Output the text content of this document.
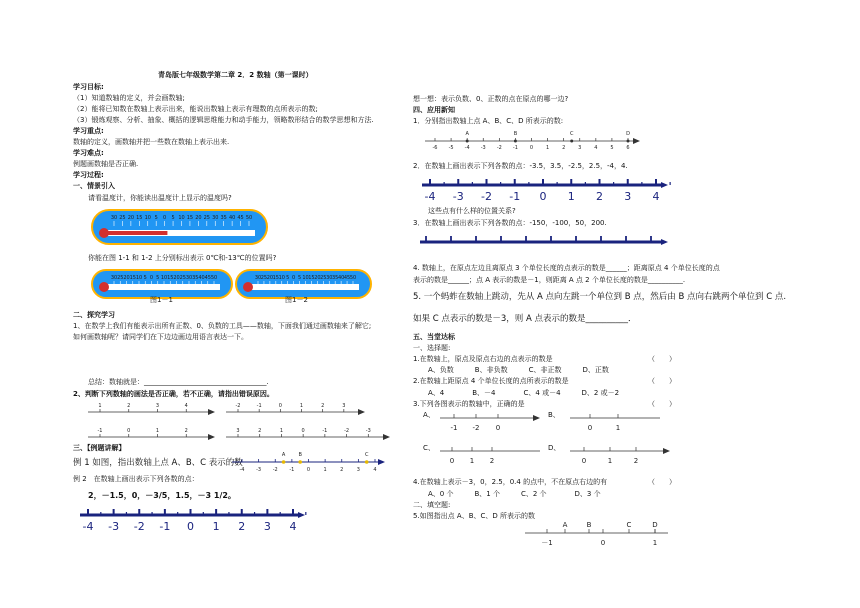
青岛版七年级数学第二章 2．2 数轴（第一课时）
学习目标:
（1）知道数轴的定义，并会画数轴;
（2）能将已知数在数轴上表示出来，能说出数轴上表示有理数的点所表示的数;
（3）锻炼观察、分析、抽象、概括的逻辑思维能力和动手能力，领略数形结合的数学思想和方法.
学习重点:
数轴的定义，画数轴并把一些数在数轴上表示出来.
学习难点:
例题画数轴是否正确.
学习过程:
一、情景引入
请看温度计，你能读出温度计上显示的温度吗?
你能在图 1-1 和 1-2 上分别标出表示 0℃和-13℃的位置吗?
二、探究学习
1、在数学上我们有能表示出所有正数、0、负数的工具——数轴，下面我们通过画数轴来了解它;
如何画数轴呢？请同学们在下边边画边用语言表达一下。
总结：数轴就是：___________________________________.
2、判断下列数轴的画法是否正确，若不正确，请指出错误原因。
三、【例题讲解】
例 1 如图，指出数轴上点 A、B、C 表示的数
例 2　在数轴上画出表示下列各数的点：
2，－1.5，0，－3/5，1.5，－3 1/2。
想一想：表示负数、0、正数的点在原点的哪一边?
四、应用新知
1．分别指出数轴上点 A、B、C、D 所表示的数:
2．在数轴上画出表示下列各数的点：-3.5，3.5，-2.5，2.5，-4，4.
这些点有什么样的位置关系?
3．在数轴上画出表示下列各数的点：-150，-100，50，200.
4. 数轴上，在原点左边且离原点 3 个单位长度的点表示的数是______；距离原点 4 个单位长度的点
表示的数是______；点 A 表示的数是－1，则距离 A 点 2 个单位长度的数是__________.
5. 一个蚂蚱在数轴上跳动，先从 A 点向左跳一个单位到 B 点，然后由 B 点向右跳两个单位到 C 点.
如果 C 点表示的数是－3，则 A 点表示的数是__________．
五、当堂达标
一、选择题:
1.在数轴上，原点及原点右边的点表示的数是	（　　）
A、负数　　　B、非负数　　　C、非正数　　　D、正数
2.在数轴上距原点 4 个单位长度的点所表示的数是	（　　）
A、4　　　　B、－4　　　　C、4 或－4　　　D、2 或－2
3.下列各图表示的数轴中，正确的是	（　　）
A、	B、
C、	D、
4.在数轴上表示－3，0，2.5，0.4 的点中，不在原点右边的有	（　　）
A、0 个　　　B、1 个　　　C、2 个　　　　D、3 个
二、填空题:
5.如图指出点 A、B、C、D 所表示的数
30 25 20 15 10 5 0 5 10 15 20 25 30 35 40 45 50
30 25 20 15 10 5 0 5 10 15 20 25 30 35 40 45 50	30 25 20 15 10 5 0 5 10 15 20 25 30 35 40 45 50
图1－1	图1－2
1	2	3	4	-2	-1	0	1	2	3
-1	0	1	2	3	2	1	0	-1	-2	-3
-4 -3 -2 -1	0	1	2	3	4
A	B	C
-4 -3 -2 -1 0 1 2 3 4
-4 -3 -2 -1 0 1 2 3 4
-6 -5 -4 -3 -2 -1 0	1	2	3	4	5	6
A	B	C	D
-1 -2 0	0	1
0 1 2	0	1	2
－1	0	1
A	B	C	D
